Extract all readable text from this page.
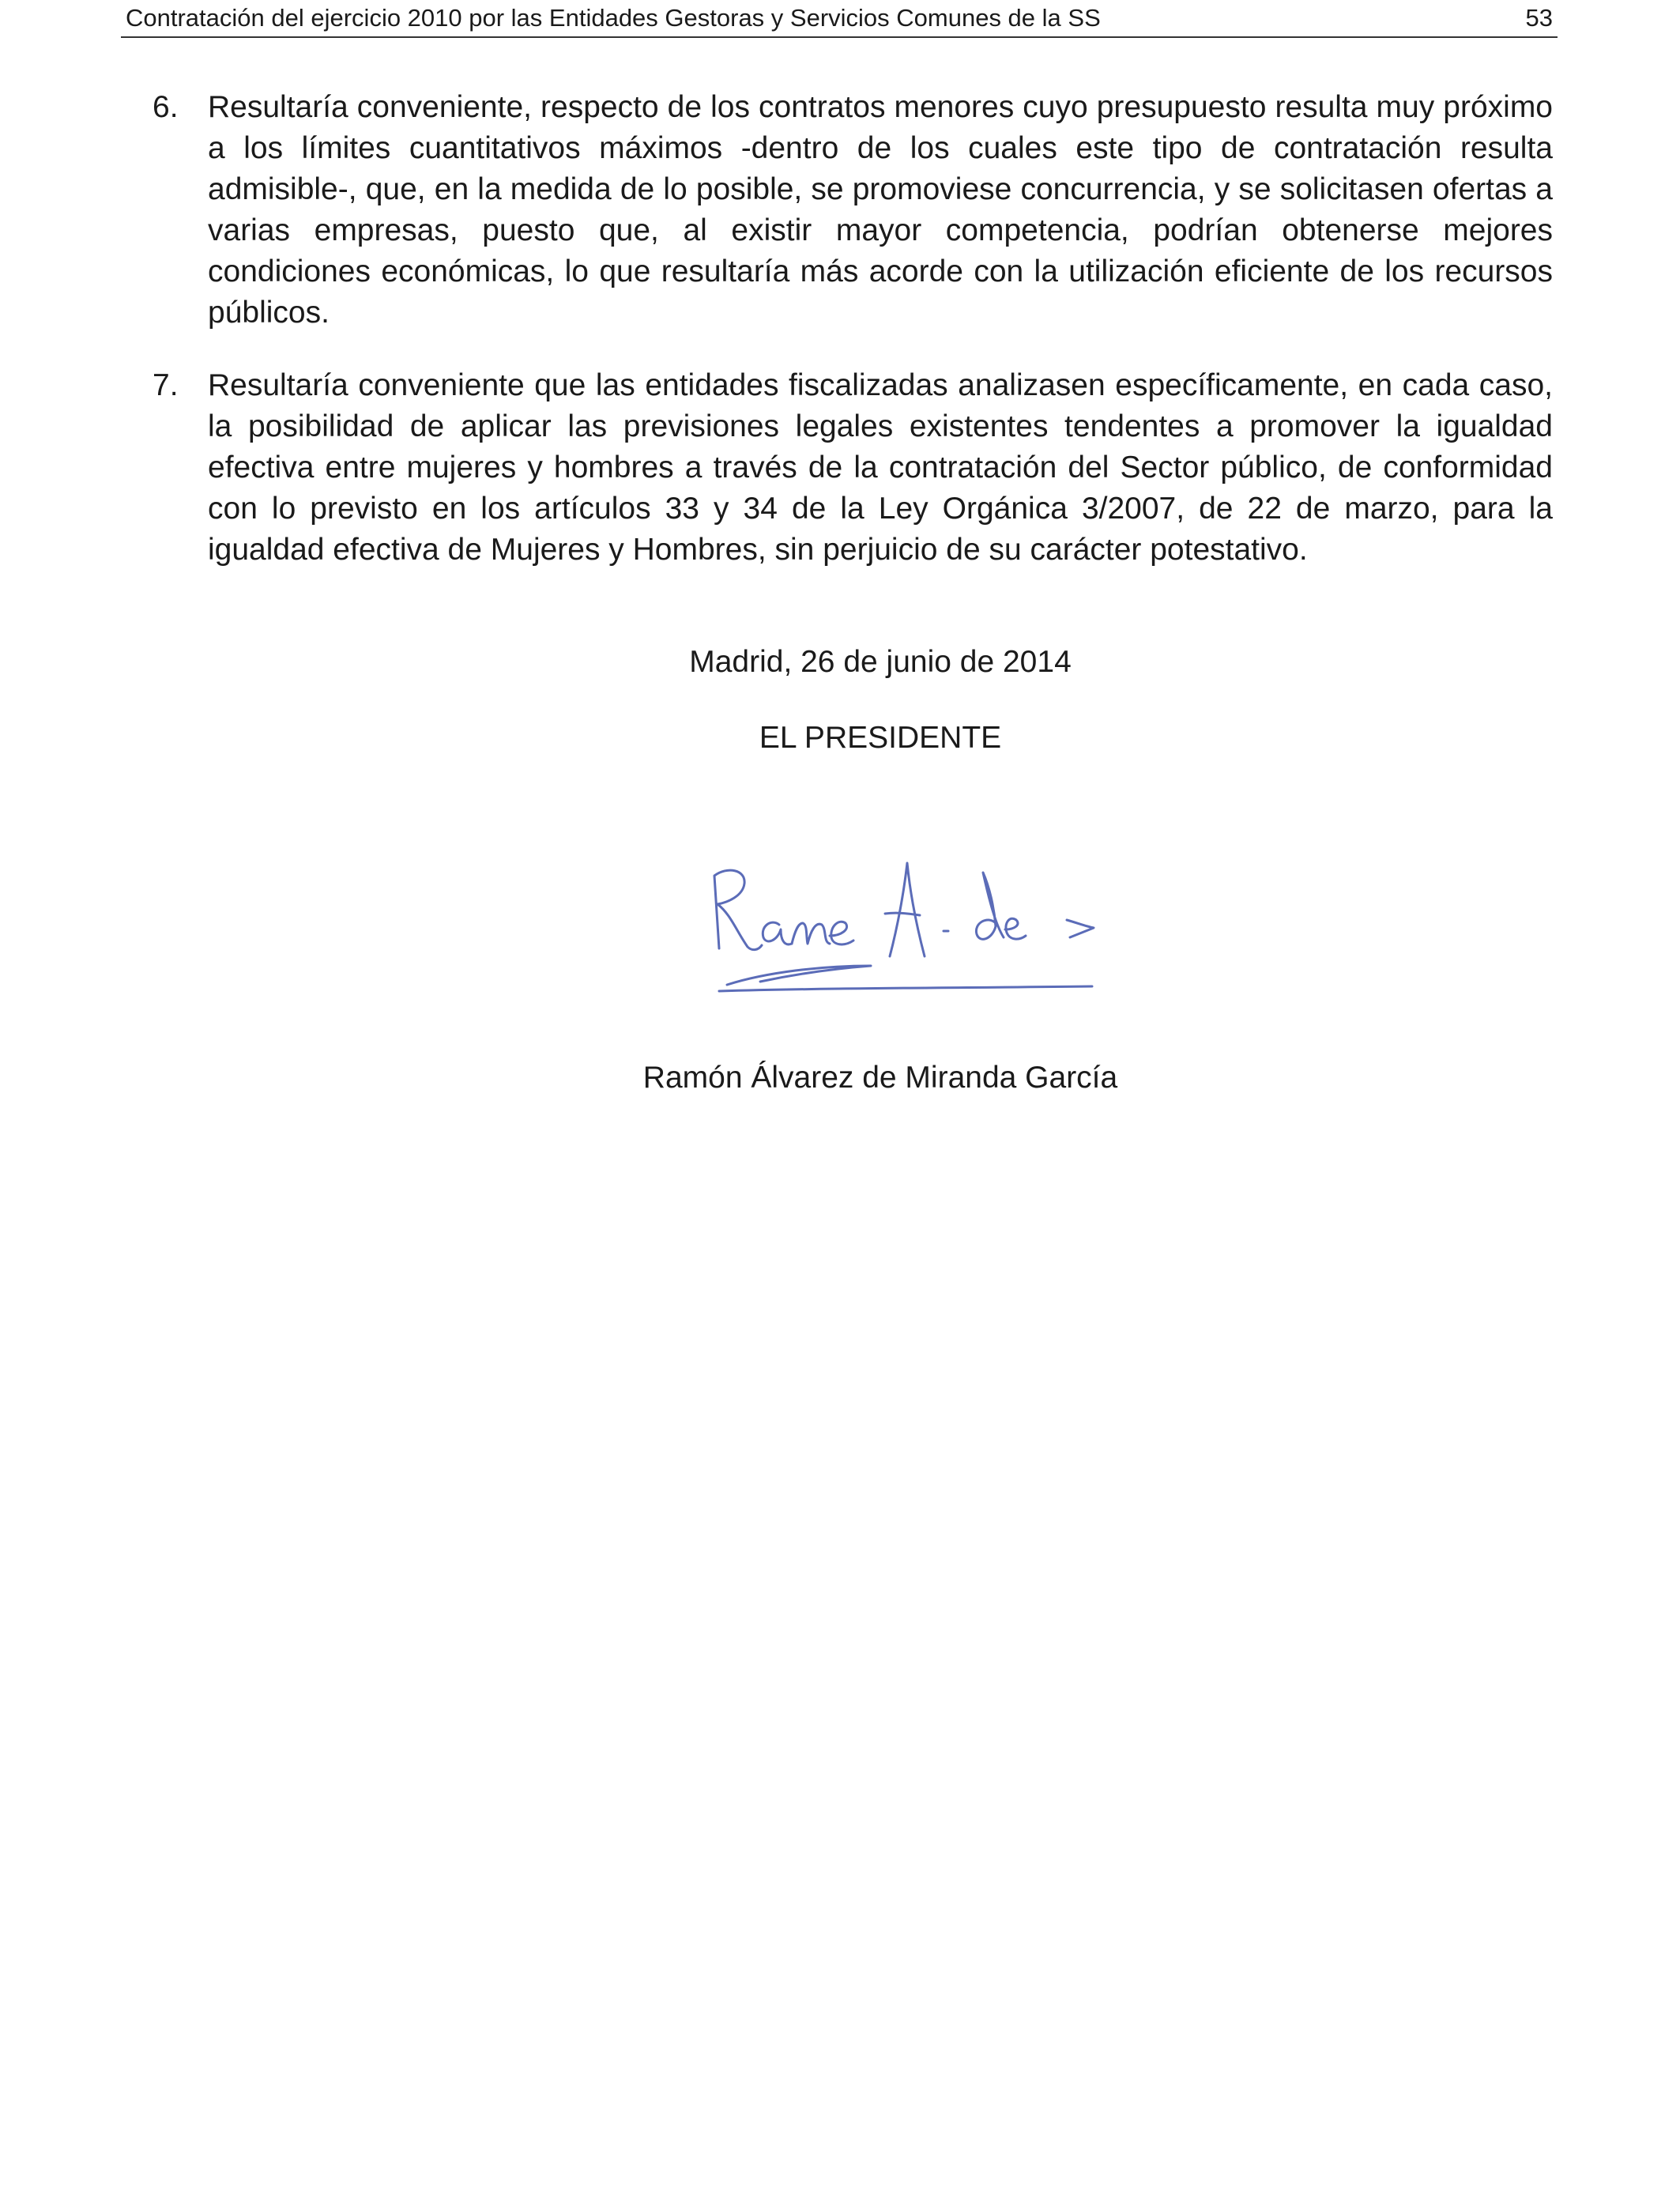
Contratación del ejercicio 2010 por las Entidades Gestoras y Servicios Comunes de la SS	53
6. Resultaría conveniente, respecto de los contratos menores cuyo presupuesto resulta muy próximo a los límites cuantitativos máximos -dentro de los cuales este tipo de contratación resulta admisible-, que, en la medida de lo posible, se promoviese concurrencia, y se solicitasen ofertas a varias empresas, puesto que, al existir mayor competencia, podrían obtenerse mejores condiciones económicas, lo que resultaría más acorde con la utilización eficiente de los recursos públicos.
7. Resultaría conveniente que las entidades fiscalizadas analizasen específicamente, en cada caso, la posibilidad de aplicar las previsiones legales existentes tendentes a promover la igualdad efectiva entre mujeres y hombres a través de la contratación del Sector público, de conformidad con lo previsto en los artículos 33 y 34 de la Ley Orgánica 3/2007, de 22 de marzo, para la igualdad efectiva de Mujeres y Hombres, sin perjuicio de su carácter potestativo.
Madrid, 26 de junio de 2014
EL PRESIDENTE
Ramón Álvarez de Miranda García
